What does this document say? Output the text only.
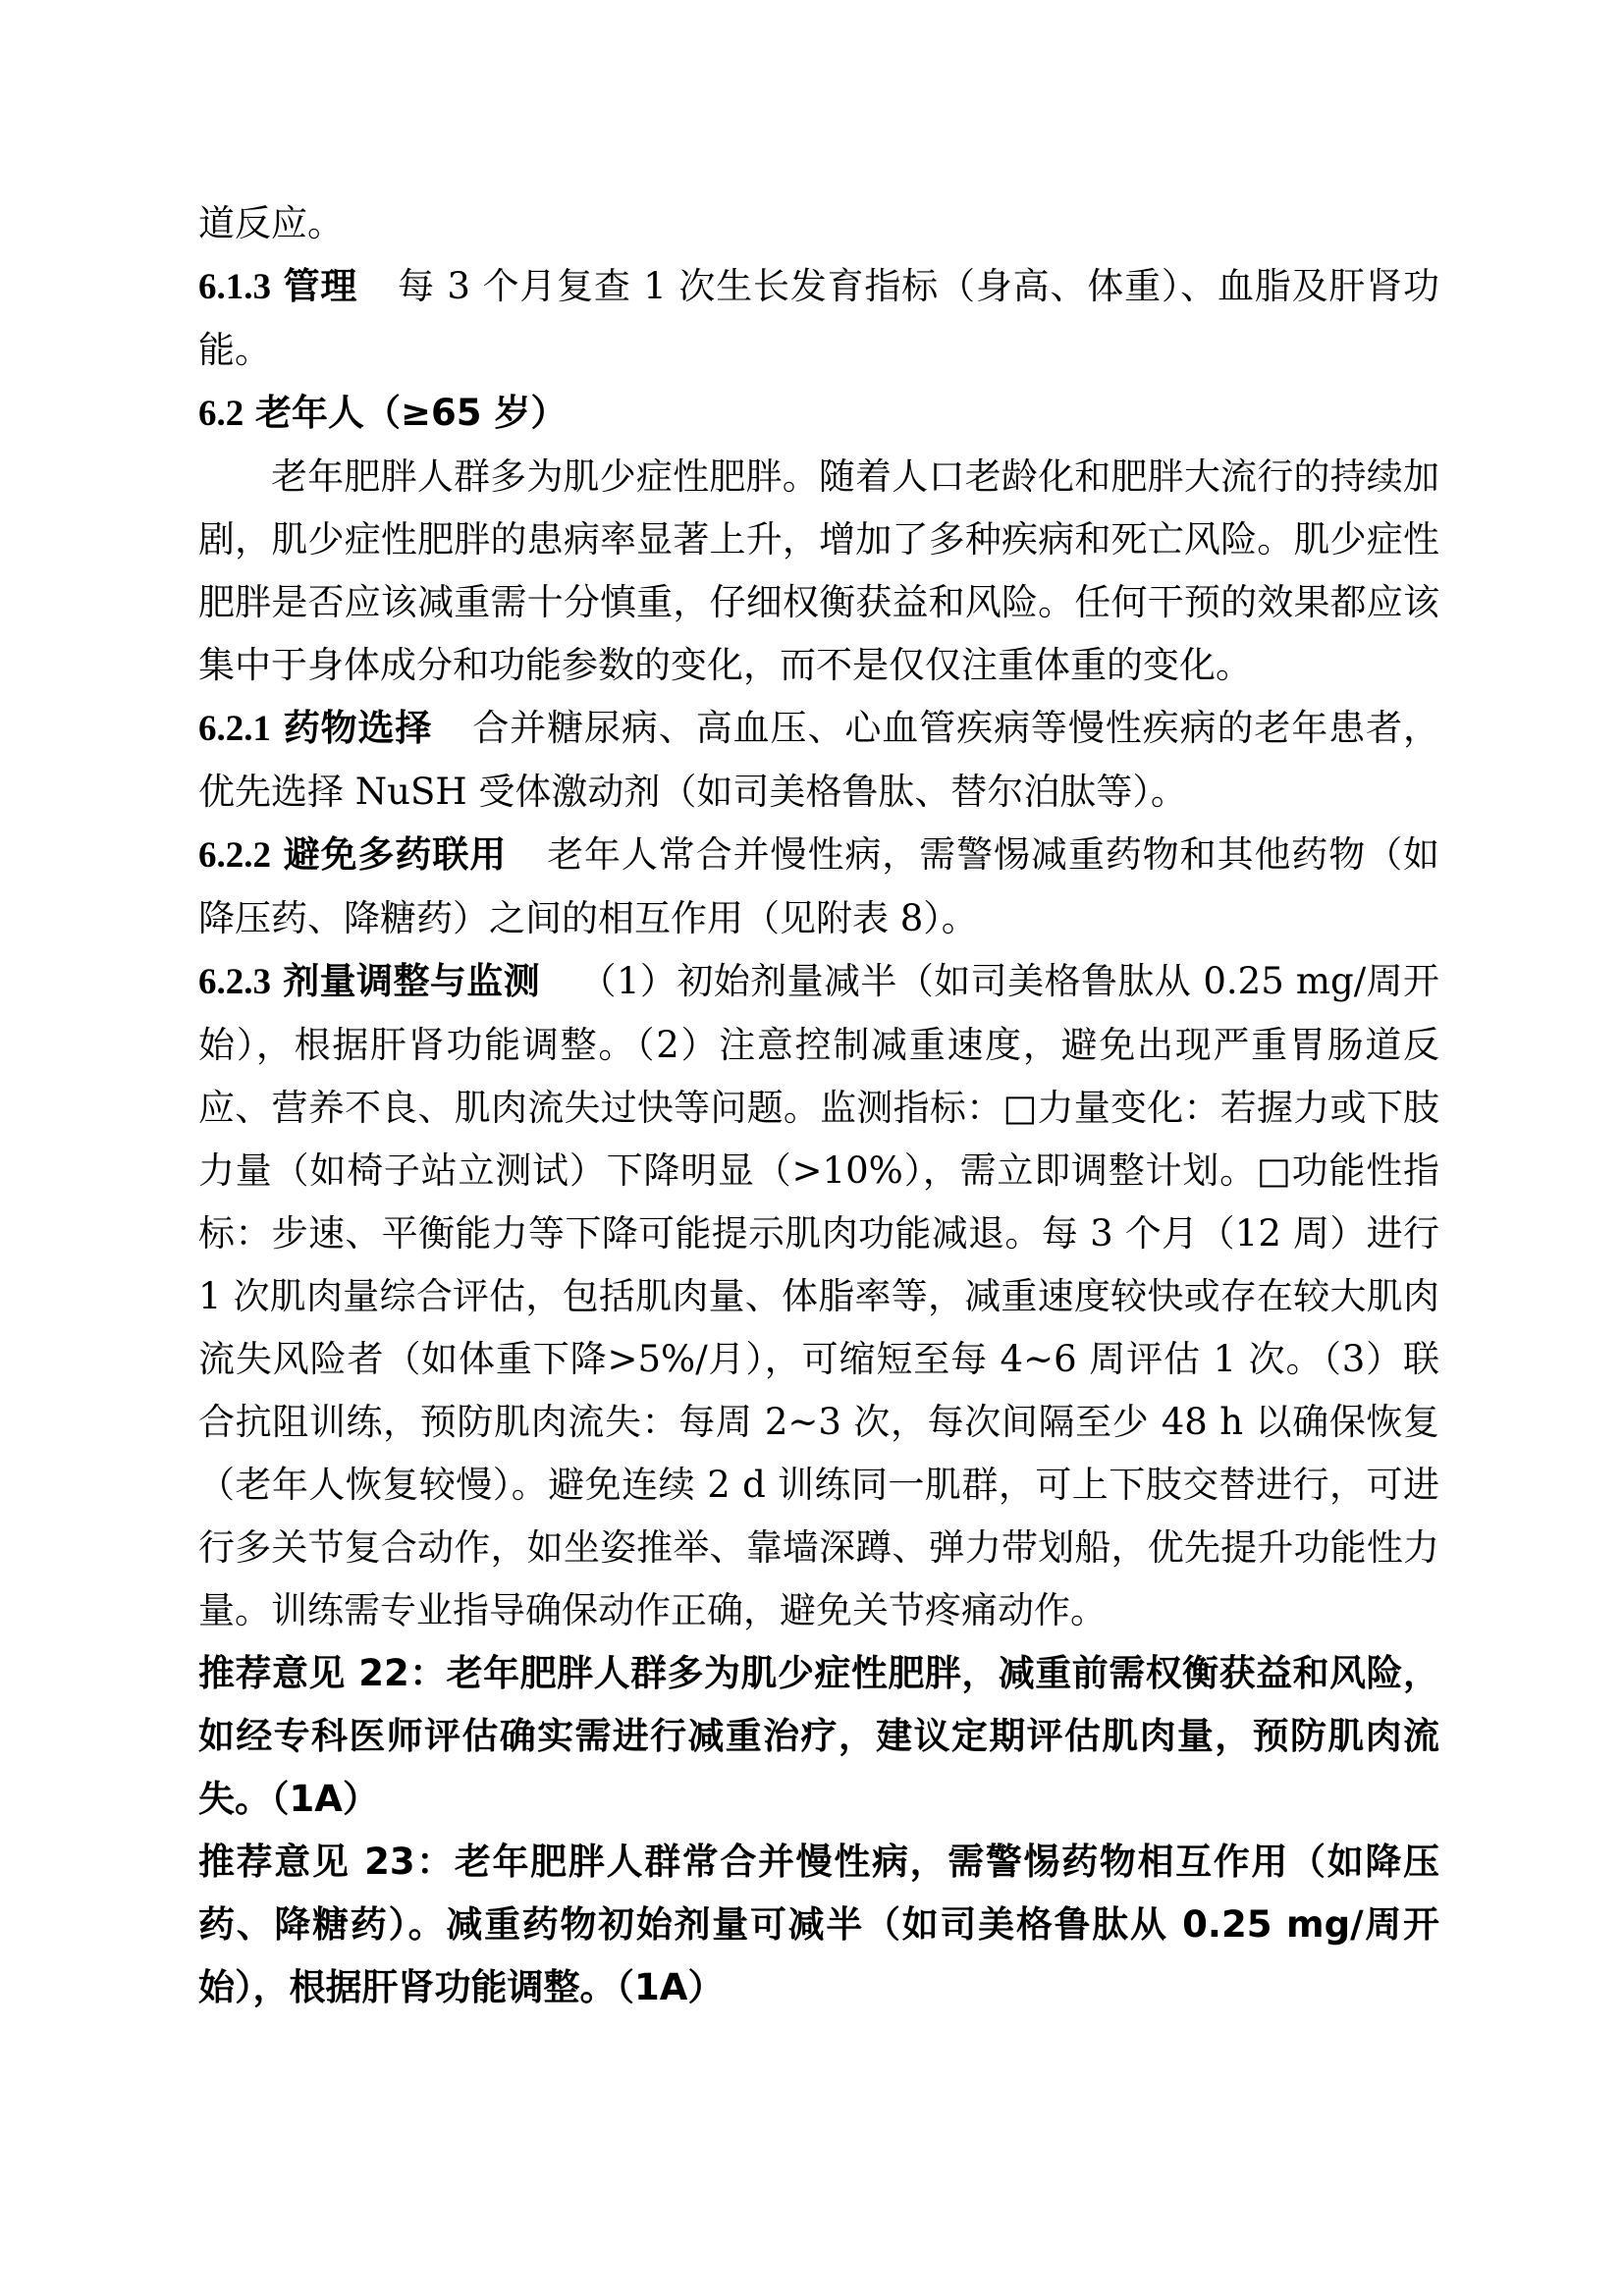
道反应。

6.1.3 管理 每 3 个月复查 1 次生长发育指标（身高、体重）、血脂及肝肾功能。

6.2 老年人（≥65 岁）

老年肥胖人群多为肌少症性肥胖。随着人口老龄化和肥胖大流行的持续加剧，肌少症性肥胖的患病率显著上升，增加了多种疾病和死亡风险。肌少症性肥胖是否应该减重需十分慎重，仔细权衡获益和风险。任何干预的效果都应该集中于身体成分和功能参数的变化，而不是仅仅注重体重的变化。

6.2.1 药物选择 合并糖尿病、高血压、心血管疾病等慢性疾病的老年患者，优先选择 NuSH 受体激动剂（如司美格鲁肽、替尔泊肽等）。

6.2.2 避免多药联用 老年人常合并慢性病，需警惕减重药物和其他药物（如降压药、降糖药）之间的相互作用（见附表 8）。

6.2.3 剂量调整与监测 （1）初始剂量减半（如司美格鲁肽从 0.25 mg/周开始），根据肝肾功能调整。（2）注意控制减重速度，避免出现严重胃肠道反应、营养不良、肌肉流失过快等问题。监测指标：□力量变化：若握力或下肢力量（如椅子站立测试）下降明显（>10%），需立即调整计划。□功能性指标：步速、平衡能力等下降可能提示肌肉功能减退。每 3 个月（12 周）进行 1 次肌肉量综合评估，包括肌肉量、体脂率等，减重速度较快或存在较大肌肉流失风险者（如体重下降>5%/月），可缩短至每 4~6 周评估 1 次。（3）联合抗阻训练，预防肌肉流失：每周 2~3 次，每次间隔至少 48 h 以确保恢复（老年人恢复较慢）。避免连续 2 d 训练同一肌群，可上下肢交替进行，可进行多关节复合动作，如坐姿推举、靠墙深蹲、弹力带划船，优先提升功能性力量。训练需专业指导确保动作正确，避免关节疼痛动作。

推荐意见 22：老年肥胖人群多为肌少症性肥胖，减重前需权衡获益和风险，如经专科医师评估确实需进行减重治疗，建议定期评估肌肉量，预防肌肉流失。（1A）

推荐意见 23：老年肥胖人群常合并慢性病，需警惕药物相互作用（如降压药、降糖药）。减重药物初始剂量可减半（如司美格鲁肽从 0.25 mg/周开始），根据肝肾功能调整。（1A）
